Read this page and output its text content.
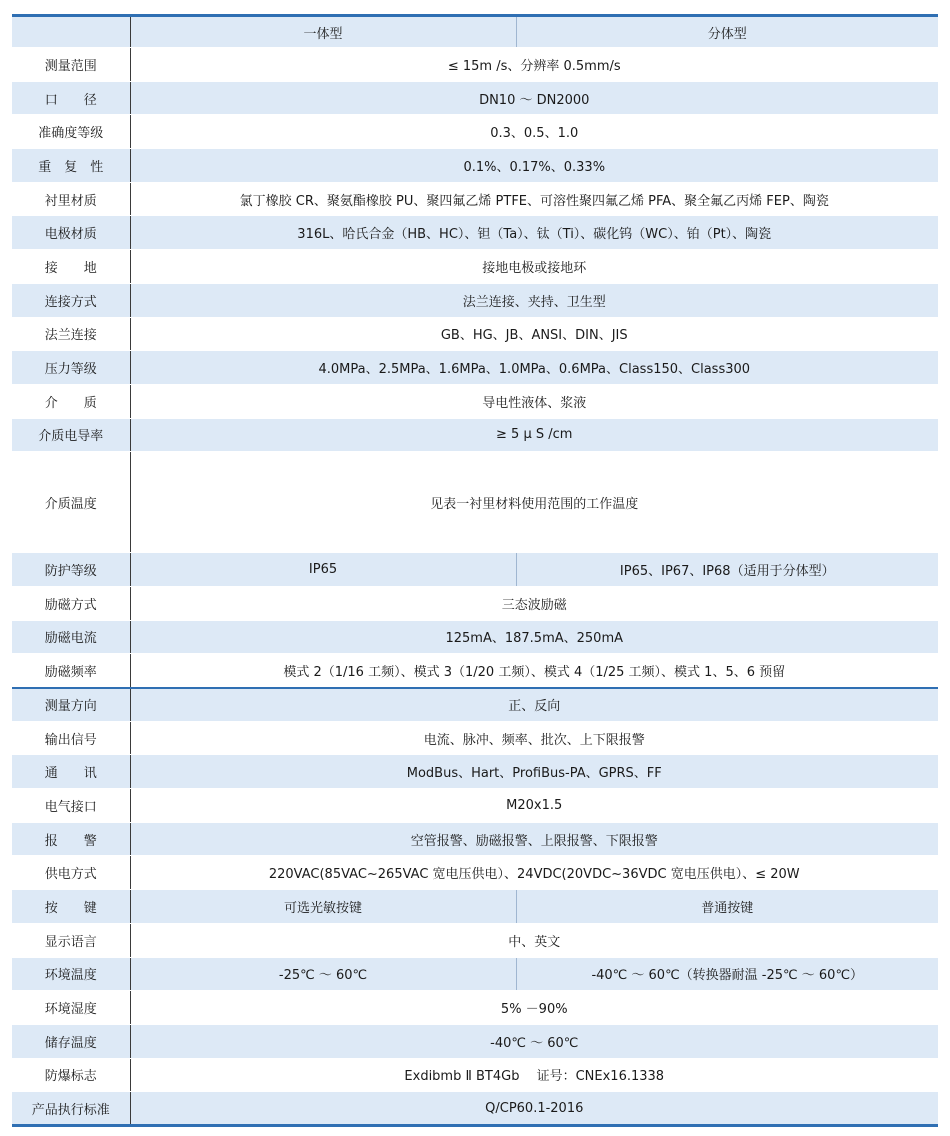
	一体型	分体型
测量范围	≤ 15m /s、分辨率 0.5mm/s	
口　　径	DN10 ～ DN2000	
准确度等级	0.3、0.5、1.0	
重　复　性	0.1%、0.17%、0.33%	
衬里材质	氯丁橡胶 CR、聚氨酯橡胶 PU、聚四氟乙烯 PTFE、可溶性聚四氟乙烯 PFA、聚全氟乙丙烯 FEP、陶瓷	
电极材质	316L、哈氏合金（HB、HC）、钽（Ta）、钛（Ti）、碳化钨（WC）、铂（Pt）、陶瓷	
接　　地	接地电极或接地环	
连接方式	法兰连接、夹持、卫生型	
法兰连接	GB、HG、JB、ANSI、DIN、JIS	
压力等级	4.0MPa、2.5MPa、1.6MPa、1.0MPa、0.6MPa、Class150、Class300	
介　　质	导电性液体、浆液	
介质电导率	≥ 5 μ S /cm	
介质温度	见表一衬里材料使用范围的工作温度	
防护等级	IP65	IP65、IP67、IP68（适用于分体型）
励磁方式	三态波励磁	
励磁电流	125mA、187.5mA、250mA	
励磁频率	模式 2（1/16 工频）、模式 3（1/20 工频）、模式 4（1/25 工频）、模式 1、5、6 预留	
测量方向	正、反向	
输出信号	电流、脉冲、频率、批次、上下限报警	
通　　讯	ModBus、Hart、ProfiBus-PA、GPRS、FF	
电气接口	M20x1.5	
报　　警	空管报警、励磁报警、上限报警、下限报警	
供电方式	220VAC(85VAC~265VAC 宽电压供电）、24VDC(20VDC~36VDC 宽电压供电）、≤ 20W	
按　　键	可选光敏按键	普通按键
显示语言	中、英文	
环境温度	-25℃ ～ 60℃	-40℃ ～ 60℃（转换器耐温 -25℃ ～ 60℃）
环境湿度	5% －90%	
储存温度	-40℃ ～ 60℃	
防爆标志	Exdibmb Ⅱ BT4Gb　 证号：CNEx16.1338	
产品执行标准	Q/CP60.1-2016	
